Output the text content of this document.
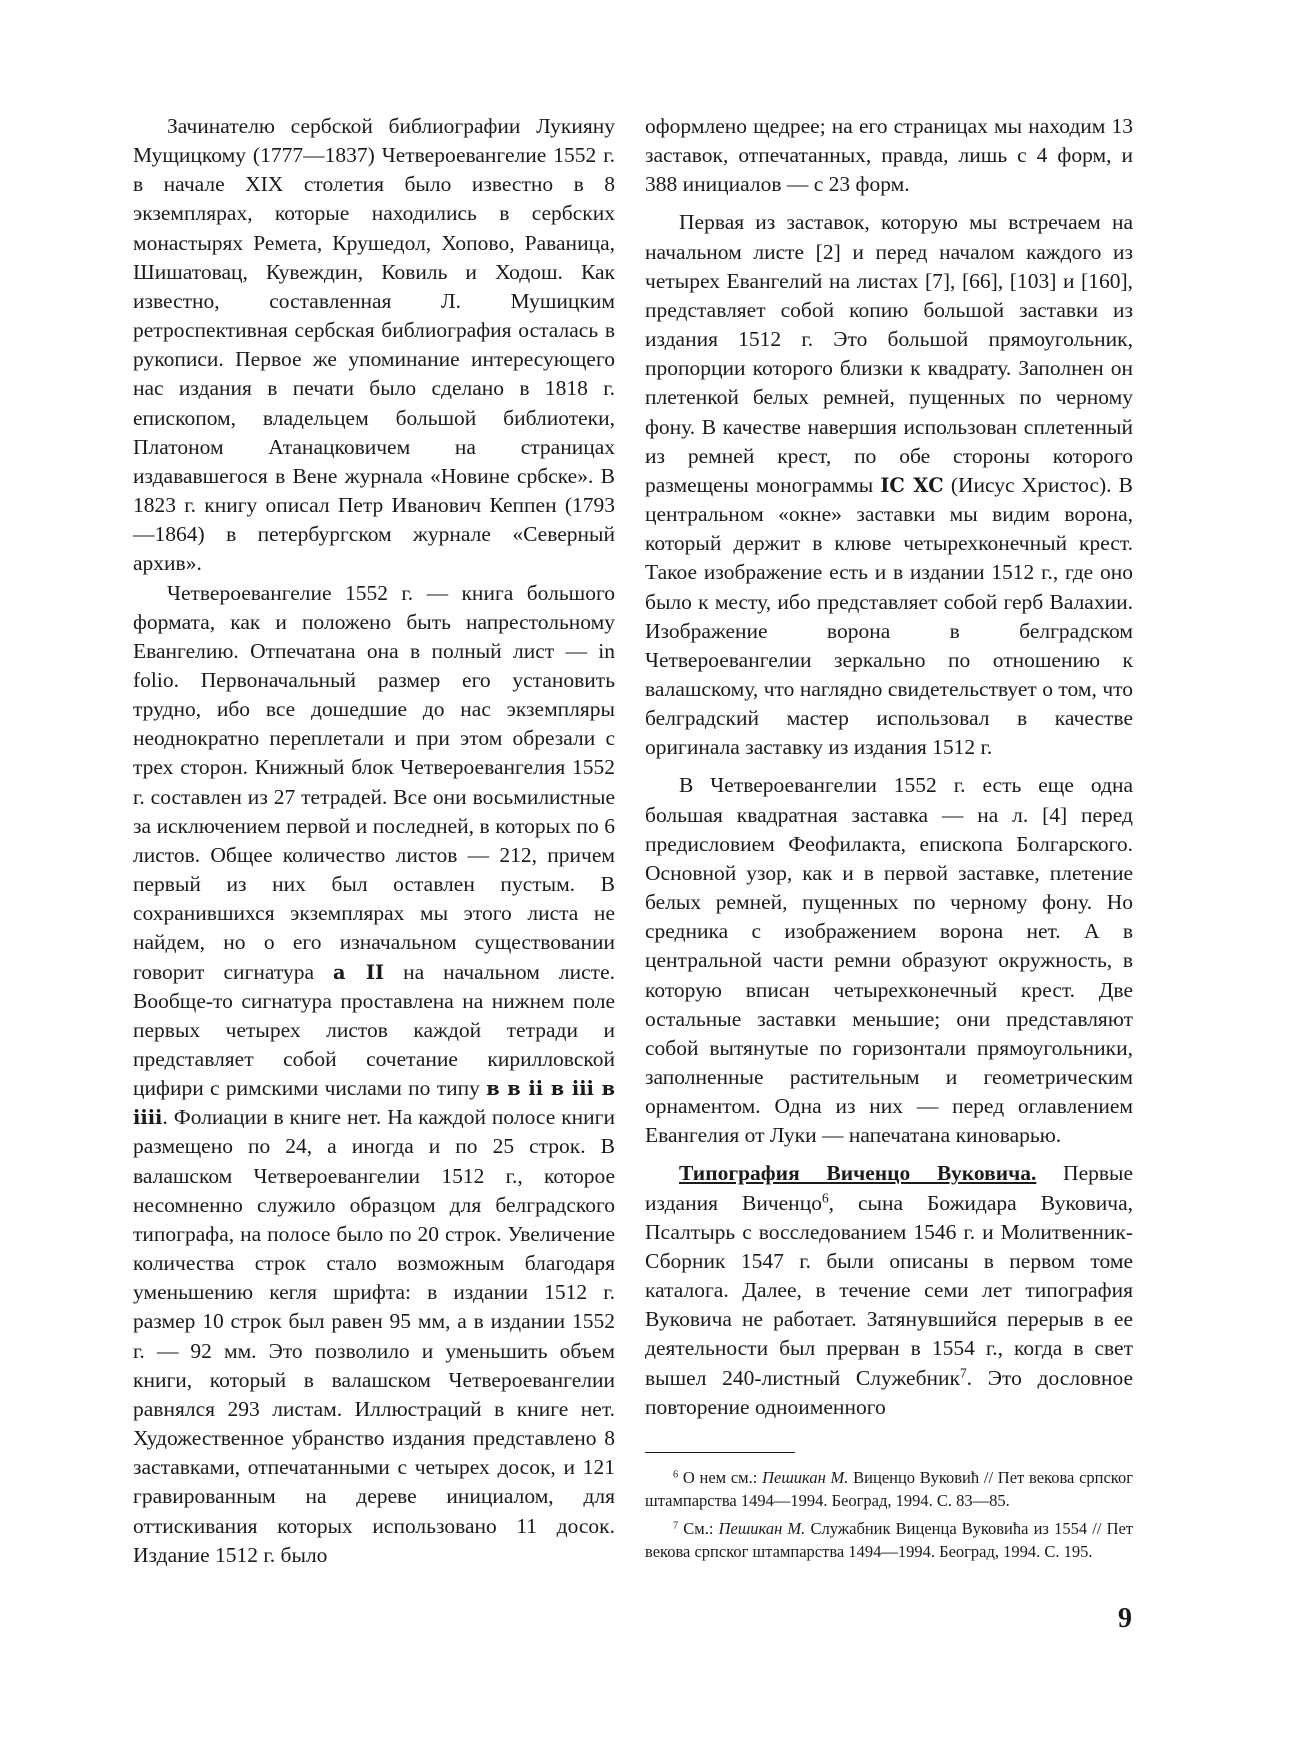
Зачинателю сербской библиографии Лукияну Мущицкому (1777—1837) Четвероевангелие 1552 г. в начале XIX столетия было известно в 8 экземплярах, которые находились в сербских монастырях Ремета, Крушедол, Хопово, Раваница, Шишатовац, Кувеждин, Ковиль и Ходош. Как известно, составленная Л. Мушицким ретроспективная сербская библиография осталась в рукописи. Первое же упоминание интересующего нас издания в печати было сделано в 1818 г. епископом, владельцем большой библиотеки, Платоном Атанацковичем на страницах издававшегося в Вене журнала «Новине србске». В 1823 г. книгу описал Петр Иванович Кеппен (1793—1864) в петербургском журнале «Северный архив».

Четвероевангелие 1552 г. — книга большого формата, как и положено быть напрестольному Евангелию. Отпечатана она в полный лист — in folio. Первоначальный размер его установить трудно, ибо все дошедшие до нас экземпляры неоднократно переплетали и при этом обрезали с трех сторон. Книжный блок Четвероевангелия 1552 г. составлен из 27 тетрадей. Все они восьмилистные за исключением первой и последней, в которых по 6 листов. Общее количество листов — 212, причем первый из них был оставлен пустым. В сохранившихся экземплярах мы этого листа не найдем, но о его изначальном существовании говорит сигнатура а II на начальном листе. Вообще-то сигнатура проставлена на нижнем поле первых четырех листов каждой тетради и представляет собой сочетание кирилловской цифири с римскими числами по типу в в ii в iii в iiii. Фолиации в книге нет. На каждой полосе книги размещено по 24, а иногда и по 25 строк. В валашском Четвероевангелии 1512 г., которое несомненно служило образцом для белградского типографа, на полосе было по 20 строк. Увеличение количества строк стало возможным благодаря уменьшению кегля шрифта: в издании 1512 г. размер 10 строк был равен 95 мм, а в издании 1552 г. — 92 мм. Это позволило и уменьшить объем книги, который в валашском Четвероевангелии равнялся 293 листам. Иллюстраций в книге нет. Художественное убранство издания представлено 8 заставками, отпечатанными с четырех досок, и 121 гравированным на дереве инициалом, для оттискивания которых использовано 11 досок. Издание 1512 г. было

оформлено щедрее; на его страницах мы находим 13 заставок, отпечатанных, правда, лишь с 4 форм, и 388 инициалов — с 23 форм.

Первая из заставок, которую мы встречаем на начальном листе [2] и перед началом каждого из четырех Евангелий на листах [7], [66], [103] и [160], представляет собой копию большой заставки из издания 1512 г. Это большой прямоугольник, пропорции которого близки к квадрату. Заполнен он плетенкой белых ремней, пущенных по черному фону. В качестве навершия использован сплетенный из ремней крест, по обе стороны которого размещены монограммы ІС ХС (Иисус Христос). В центральном «окне» заставки мы видим ворона, который держит в клюве четырехконечный крест. Такое изображение есть и в издании 1512 г., где оно было к месту, ибо представляет собой герб Валахии. Изображение ворона в белградском Четвероевангелии зеркально по отношению к валашскому, что наглядно свидетельствует о том, что белградский мастер использовал в качестве оригинала заставку из издания 1512 г.

В Четвероевангелии 1552 г. есть еще одна большая квадратная заставка — на л. [4] перед предисловием Феофилакта, епископа Болгарского. Основной узор, как и в первой заставке, плетение белых ремней, пущенных по черному фону. Но средника с изображением ворона нет. А в центральной части ремни образуют окружность, в которую вписан четырехконечный крест. Две остальные заставки меньшие; они представляют собой вытянутые по горизонтали прямоугольники, заполненные растительным и геометрическим орнаментом. Одна из них — перед оглавлением Евангелия от Луки — напечатана киноварью.

Типография Виченцо Вуковича. Первые издания Виченцо$^6$, сына Божидара Вуковича, Псалтырь с восследованием 1546 г. и Молитвенник-Сборник 1547 г. были описаны в первом томе каталога. Далее, в течение семи лет типография Вуковича не работает. Затянувшийся перерыв в ее деятельности был прерван в 1554 г., когда в свет вышел 240-листный Служебник$^7$. Это дословное повторение одноименного

$^6$ О нем см.: Пешикан М. Виценцо Вуковић // Пет векова српског штампарства 1494—1994. Београд, 1994. С. 83—85.

$^7$ См.: Пешикан М. Служабник Виценца Вуковића из 1554 // Пет векова српског штампарства 1494—1994. Београд, 1994. С. 195.

9
